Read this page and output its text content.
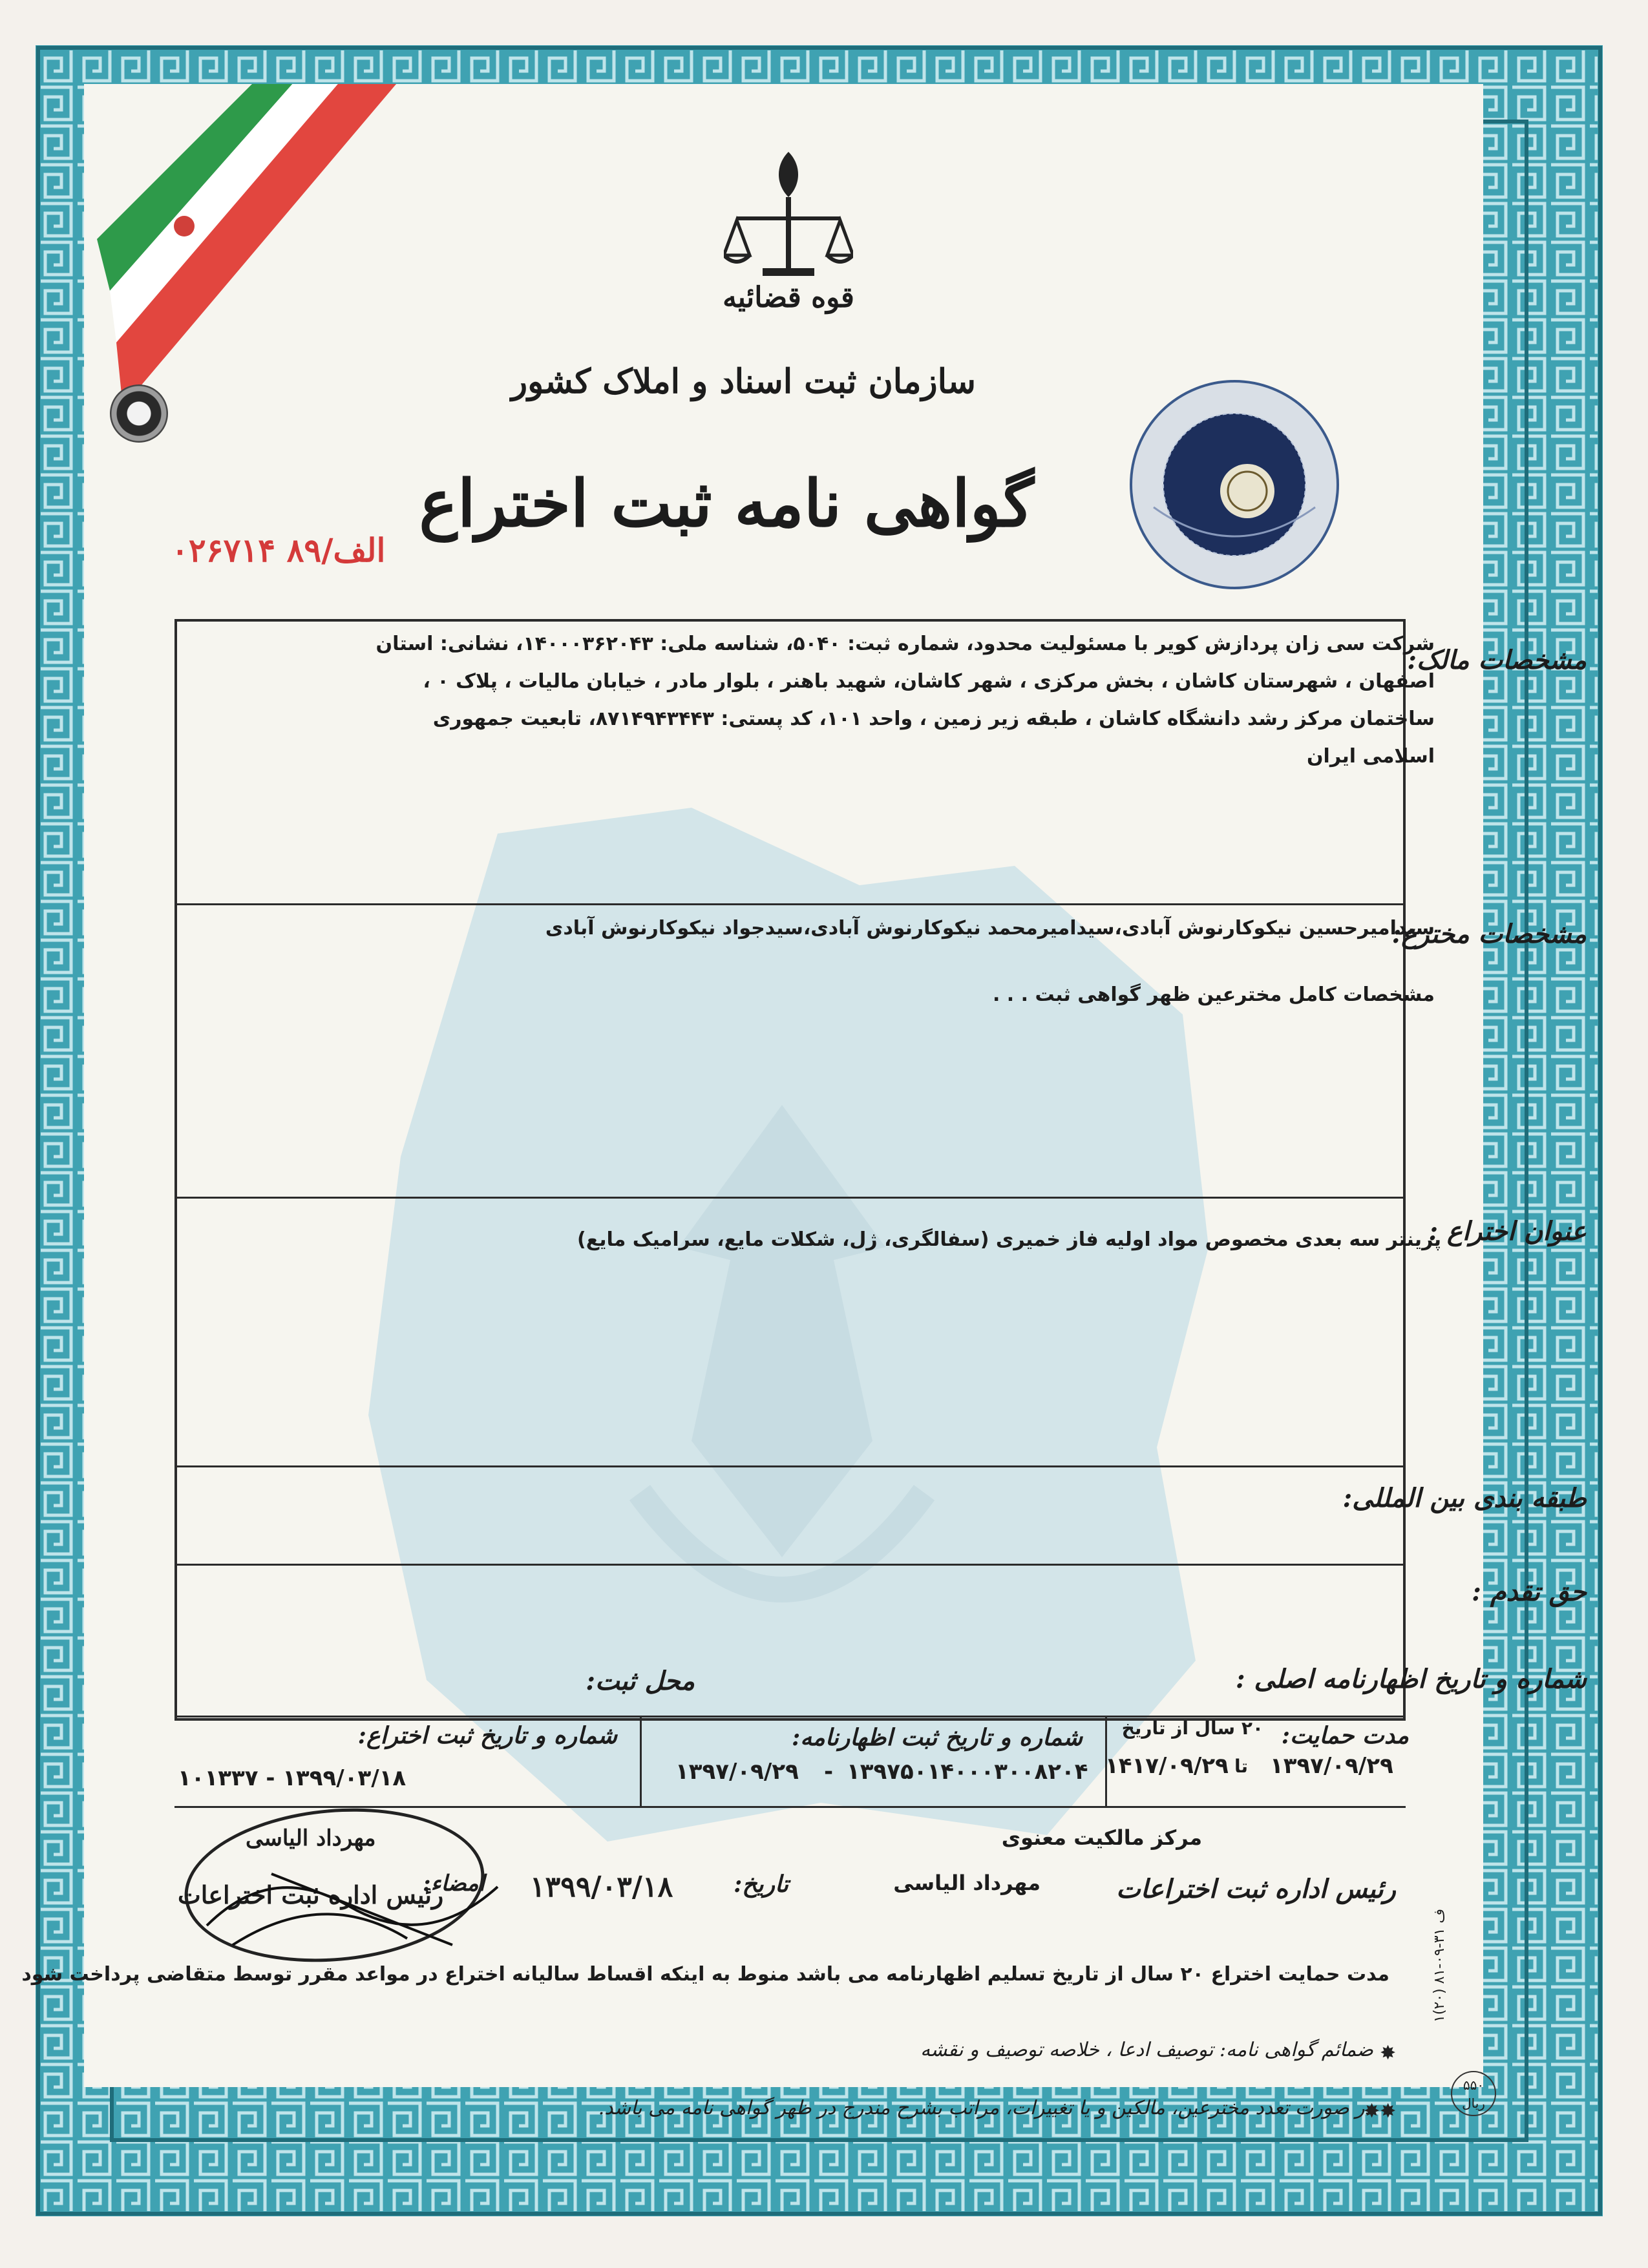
قوه قضائیه
سازمان ثبت اسناد و املاک کشور
گواهی نامه ثبت اختراع
الف/۸۹ ۰۲۶۷۱۴
مشخصات مالک:
شرکت سی زان پردازش کویر با مسئولیت محدود، شماره ثبت: ۵۰۴۰، شناسه ملی: ۱۴۰۰۰۳۶۲۰۴۳، نشانی: استان اصفهان ، شهرستان کاشان ، بخش مرکزی ، شهر کاشان، شهید باهنر ، بلوار مادر ، خیابان مالیات ، پلاک ۰ ، ساختمان مرکز رشد دانشگاه کاشان ، طبقه زیر زمین ، واحد ۱۰۱، کد پستی: ۸۷۱۴۹۴۳۴۴۳، تابعیت جمهوری اسلامی ایران
مشخصات مخترع:
سیدامیرحسین نیکوکارنوش آبادی،سیدامیرمحمد نیکوکارنوش آبادی،سیدجواد نیکوکارنوش آبادی
مشخصات کامل مخترعین ظهر گواهی ثبت . . .
عنوان اختراع :
پرینتر سه بعدی مخصوص مواد اولیه فاز خمیری (سفالگری، ژل، شکلات مایع، سرامیک مایع)
طبقه بندی بین المللی:
حق تقدم :
شماره و تاریخ اظهارنامه اصلی :
محل ثبت:
مدت حمایت:
۲۰ سال از تاریخ
۱۳۹۷/۰۹/۲۹
تا
۱۴۱۷/۰۹/۲۹
شماره و تاریخ ثبت اظهارنامه:
۱۳۹۷۵۰۱۴۰۰۰۳۰۰۸۲۰۴
-
۱۳۹۷/۰۹/۲۹
شماره و تاریخ ثبت اختراع:
۱۰۱۳۳۷ - ۱۳۹۹/۰۳/۱۸
مرکز مالکیت معنوی
رئیس اداره ثبت اختراعات
مهرداد الیاسی
تاریخ:
۱۳۹۹/۰۳/۱۸
امضاء:
مهرداد الیاسی
رئیس اداره ثبت اختراعات
مدت حمایت اختراع ۲۰ سال از تاریخ تسلیم اظهارنامه می باشد منوط به اینکه اقساط سالیانه اختراع در مواعد مقرر توسط متقاضی پرداخت شود
ضمائم گواهی نامه: توصیف ادعا ، خلاصه توصیف و نقشه
در صورت تعدد مخترعین، مالکین و یا تغییرات، مراتب بشرح مندرج در ظهر گواهی نامه می باشد.
✸
✸✸
۱(۲۰) ف ۳۱-۰۹-۸۱
۵۵۰ ریال
